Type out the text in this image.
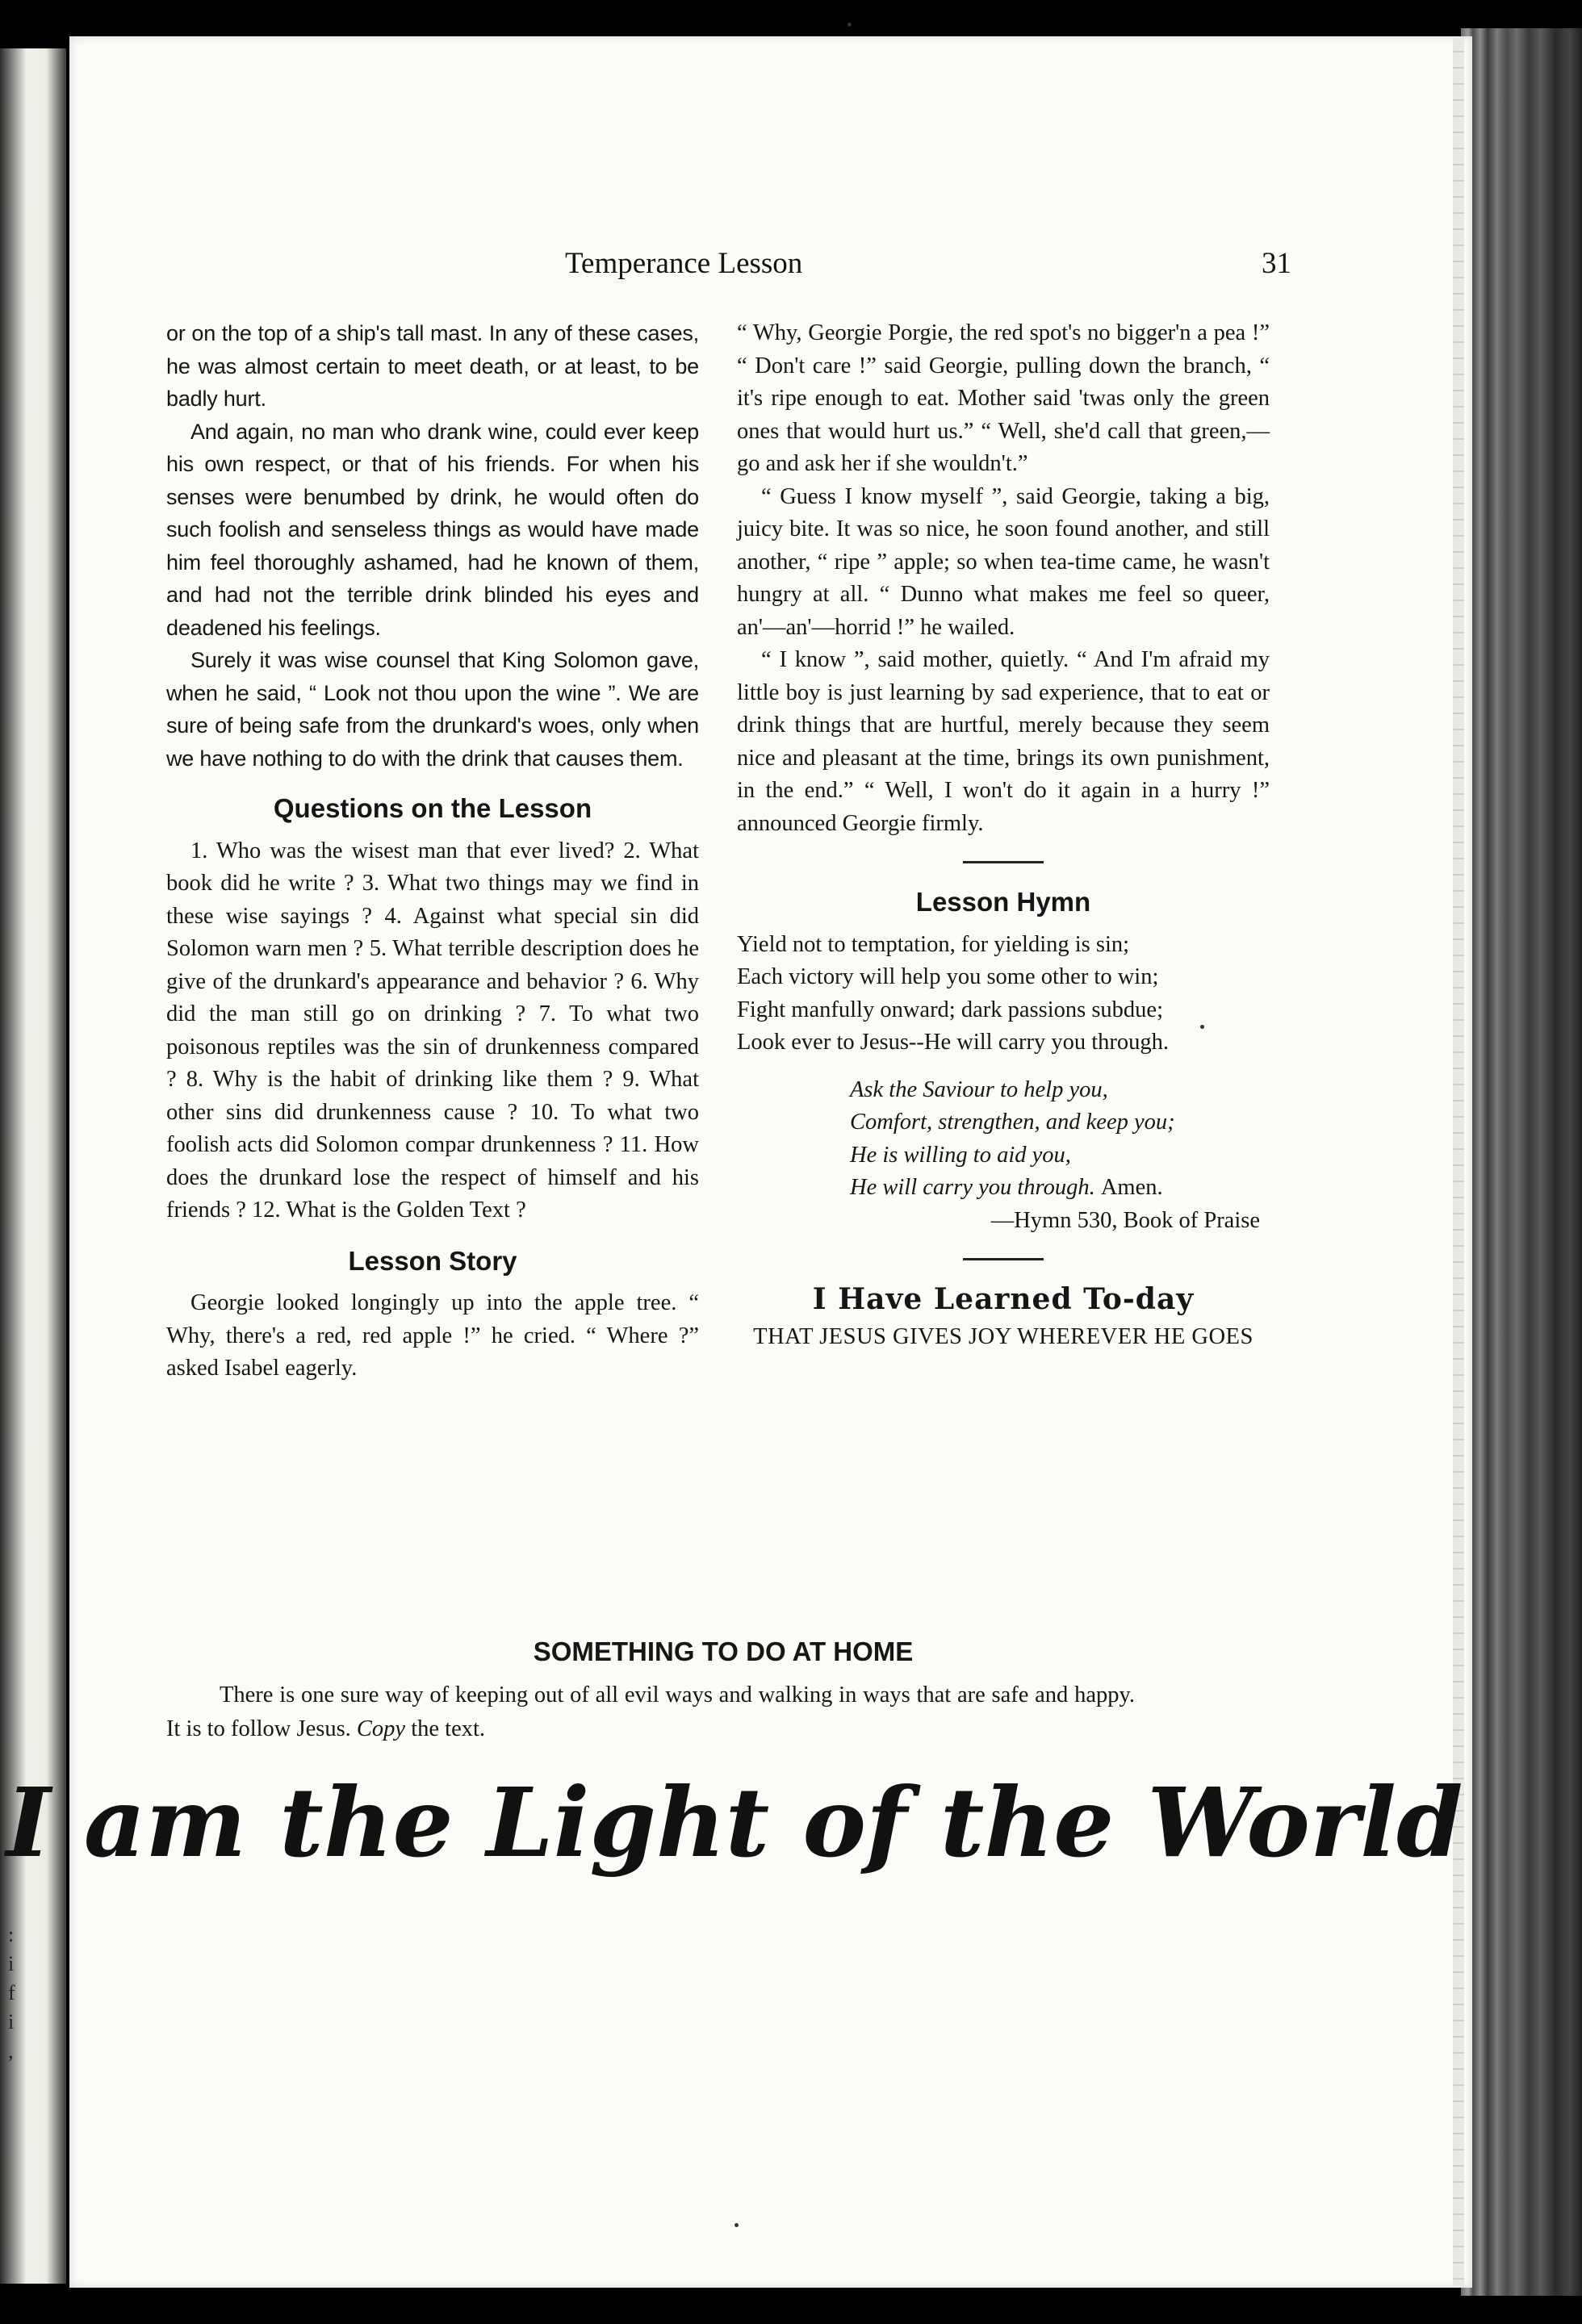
:
i
f
i
,
Temperance Lesson	31

or on the top of a ship's tall mast. In any of these cases, he was almost certain to meet death, or at least, to be badly hurt.

And again, no man who drank wine, could ever keep his own respect, or that of his friends. For when his senses were benumbed by drink, he would often do such foolish and senseless things as would have made him feel thoroughly ashamed, had he known of them, and had not the terrible drink blinded his eyes and deadened his feelings.

Surely it was wise counsel that King Solomon gave, when he said, “ Look not thou upon the wine ”. We are sure of being safe from the drunkard's woes, only when we have nothing to do with the drink that causes them.

Questions on the Lesson

1. Who was the wisest man that ever lived? 2. What book did he write ? 3. What two things may we find in these wise sayings ? 4. Against what special sin did Solomon warn men ? 5. What terrible description does he give of the drunkard's appearance and behavior ? 6. Why did the man still go on drinking ? 7. To what two poisonous reptiles was the sin of drunkenness compared ? 8. Why is the habit of drinking like them ? 9. What other sins did drunkenness cause ? 10. To what two foolish acts did Solomon compar drunkenness ? 11. How does the drunkard lose the respect of himself and his friends ? 12. What is the Golden Text ?

Lesson Story

Georgie looked longingly up into the apple tree. “ Why, there's a red, red apple !” he cried. “ Where ?” asked Isabel eagerly.

“ Why, Georgie Porgie, the red spot's no bigger'n a pea !” “ Don't care !” said Georgie, pulling down the branch, “ it's ripe enough to eat. Mother said 'twas only the green ones that would hurt us.” “ Well, she'd call that green,—go and ask her if she wouldn't.”

“ Guess I know myself ”, said Georgie, taking a big, juicy bite. It was so nice, he soon found another, and still another, “ ripe ” apple; so when tea-time came, he wasn't hungry at all. “ Dunno what makes me feel so queer, an'—an'—horrid !” he wailed.

“ I know ”, said mother, quietly. “ And I'm afraid my little boy is just learning by sad experience, that to eat or drink things that are hurtful, merely because they seem nice and pleasant at the time, brings its own punishment, in the end.” “ Well, I won't do it again in a hurry !” announced Georgie firmly.

Lesson Hymn
Yield not to temptation, for yielding is sin;
Each victory will help you some other to win;
Fight manfully onward; dark passions subdue;
Look ever to Jesus--He will carry you through.
Ask the Saviour to help you,
Comfort, strengthen, and keep you;
He is willing to aid you,
He will carry you through. Amen.
—Hymn 530, Book of Praise
I Have Learned To-day
THAT JESUS GIVES JOY WHEREVER HE GOES
SOMETHING TO DO AT HOME

There is one sure way of keeping out of all evil ways and walking in ways that are safe and happy. It is to follow Jesus. Copy the text.

I am the Light of the World
